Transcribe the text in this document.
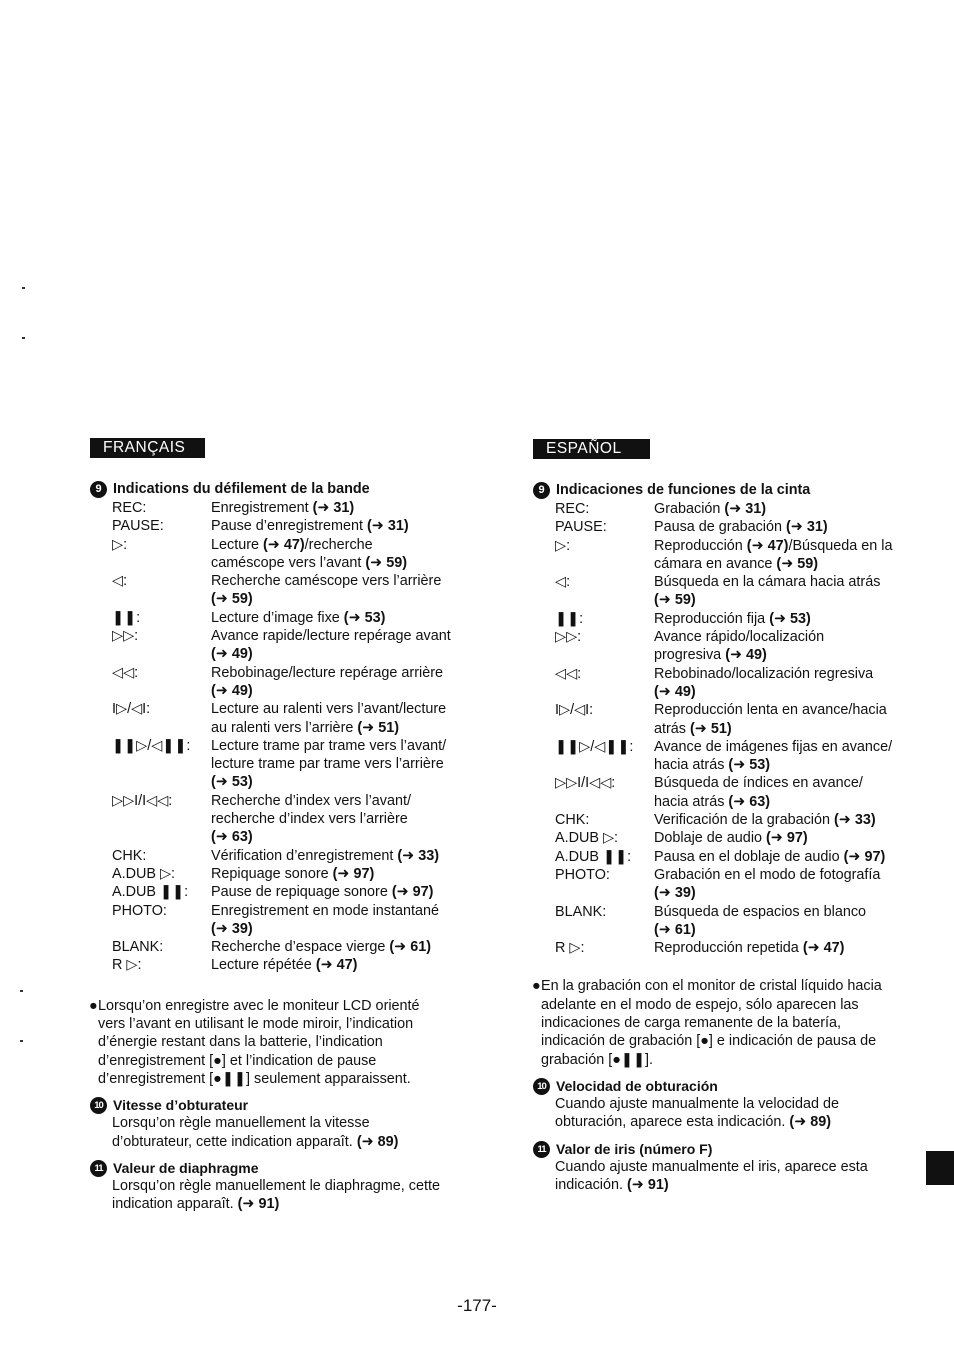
FRANÇAIS
9 Indications du défilement de la bande
REC:	Enregistrement (➜ 31)
PAUSE:	Pause d’enregistrement (➜ 31)
▷:	Lecture (➜ 47)/recherche
caméscope vers l’avant (➜ 59)
◁:	Recherche caméscope vers l’arrière
(➜ 59)
❚❚:	Lecture d’image fixe (➜ 53)
▷▷:	Avance rapide/lecture repérage avant
(➜ 49)
◁◁:	Rebobinage/lecture repérage arrière
(➜ 49)
I▷/◁I:	Lecture au ralenti vers l’avant/lecture
au ralenti vers l’arrière (➜ 51)
❚❚▷/◁❚❚:	Lecture trame par trame vers l’avant/
lecture trame par trame vers l’arrière
(➜ 53)
▷▷I/I◁◁:	Recherche d’index vers l’avant/
recherche d’index vers l’arrière
(➜ 63)
CHK:	Vérification d’enregistrement (➜ 33)
A.DUB ▷:	Repiquage sonore (➜ 97)
A.DUB ❚❚:	Pause de repiquage sonore (➜ 97)
PHOTO:	Enregistrement en mode instantané
(➜ 39)
BLANK:	Recherche d’espace vierge (➜ 61)
R ▷:	Lecture répétée (➜ 47)
● Lorsqu’on enregistre avec le moniteur LCD orienté
vers l’avant en utilisant le mode miroir, l’indication
d’énergie restant dans la batterie, l’indication
d’enregistrement [●] et l’indication de pause
d’enregistrement [●❚❚] seulement apparaissent.
10 Vitesse d’obturateur
Lorsqu’on règle manuellement la vitesse
d’obturateur, cette indication apparaît. (➜ 89)
11 Valeur de diaphragme
Lorsqu’on règle manuellement le diaphragme, cette
indication apparaît. (➜ 91)
ESPAÑOL
9 Indicaciones de funciones de la cinta
REC:	Grabación (➜ 31)
PAUSE:	Pausa de grabación (➜ 31)
▷:	Reproducción (➜ 47)/Búsqueda en la
cámara en avance (➜ 59)
◁:	Búsqueda en la cámara hacia atrás
(➜ 59)
❚❚:	Reproducción fija (➜ 53)
▷▷:	Avance rápido/localización
progresiva (➜ 49)
◁◁:	Rebobinado/localización regresiva
(➜ 49)
I▷/◁I:	Reproducción lenta en avance/hacia
atrás (➜ 51)
❚❚▷/◁❚❚:	Avance de imágenes fijas en avance/
hacia atrás (➜ 53)
▷▷I/I◁◁:	Búsqueda de índices en avance/
hacia atrás (➜ 63)
CHK:	Verificación de la grabación (➜ 33)
A.DUB ▷:	Doblaje de audio (➜ 97)
A.DUB ❚❚:	Pausa en el doblaje de audio (➜ 97)
PHOTO:	Grabación en el modo de fotografía
(➜ 39)
BLANK:	Búsqueda de espacios en blanco
(➜ 61)
R ▷:	Reproducción repetida (➜ 47)
● En la grabación con el monitor de cristal líquido hacia
adelante en el modo de espejo, sólo aparecen las
indicaciones de carga remanente de la batería,
indicación de grabación [●] e indicación de pausa de
grabación [●❚❚].
10 Velocidad de obturación
Cuando ajuste manualmente la velocidad de
obturación, aparece esta indicación. (➜ 89)
11 Valor de iris (número F)
Cuando ajuste manualmente el iris, aparece esta
indicación. (➜ 91)
-177-
